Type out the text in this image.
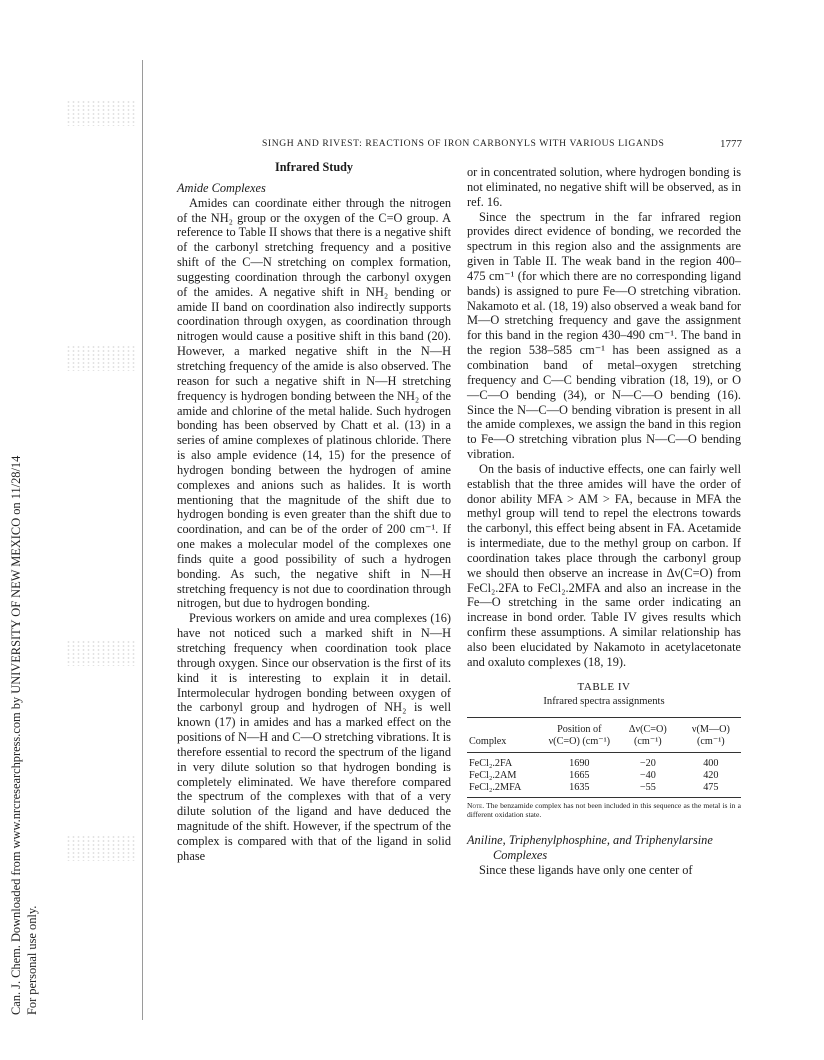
Can. J. Chem. Downloaded from www.nrcresearchpress.com by UNIVERSITY OF NEW MEXICO on 11/28/14 For personal use only.
SINGH AND RIVEST: REACTIONS OF IRON CARBONYLS WITH VARIOUS LIGANDS	1777
Infrared Study

Amide Complexes

Amides can coordinate either through the nitrogen of the NH₂ group or the oxygen of the C=O group. A reference to Table II shows that there is a negative shift of the carbonyl stretching frequency and a positive shift of the C—N stretching on complex formation, suggesting coordination through the carbonyl oxygen of the amides. A negative shift in NH₂ bending or amide II band on coordination also indirectly supports coordination through oxygen, as coordination through nitrogen would cause a positive shift in this band (20). However, a marked negative shift in the N—H stretching frequency of the amide is also observed. The reason for such a negative shift in N—H stretching frequency is hydrogen bonding between the NH₂ of the amide and chlorine of the metal halide. Such hydrogen bonding has been observed by Chatt et al. (13) in a series of amine complexes of platinous chloride. There is also ample evidence (14, 15) for the presence of hydrogen bonding between the hydrogen of amine complexes and anions such as halides. It is worth mentioning that the magnitude of the shift due to hydrogen bonding is even greater than the shift due to coordination, and can be of the order of 200 cm⁻¹. If one makes a molecular model of the complexes one finds quite a good possibility of such a hydrogen bonding. As such, the negative shift in N—H stretching frequency is not due to coordination through nitrogen, but due to hydrogen bonding.

Previous workers on amide and urea complexes (16) have not noticed such a marked shift in N—H stretching frequency when coordination took place through oxygen. Since our observation is the first of its kind it is interesting to explain it in detail. Intermolecular hydrogen bonding between oxygen of the carbonyl group and hydrogen of NH₂ is well known (17) in amides and has a marked effect on the positions of N—H and C—O stretching vibrations. It is therefore essential to record the spectrum of the ligand in very dilute solution so that hydrogen bonding is completely eliminated. We have therefore compared the spectrum of the complexes with that of a very dilute solution of the ligand and have deduced the magnitude of the shift. However, if the spectrum of the complex is compared with that of the ligand in solid phase

or in concentrated solution, where hydrogen bonding is not eliminated, no negative shift will be observed, as in ref. 16.

Since the spectrum in the far infrared region provides direct evidence of bonding, we recorded the spectrum in this region also and the assignments are given in Table II. The weak band in the region 400–475 cm⁻¹ (for which there are no corresponding ligand bands) is assigned to pure Fe—O stretching vibration. Nakamoto et al. (18, 19) also observed a weak band for M—O stretching frequency and gave the assignment for this band in the region 430–490 cm⁻¹. The band in the region 538–585 cm⁻¹ has been assigned as a combination band of metal–oxygen stretching frequency and C—C bending vibration (18, 19), or O—C—O bending (34), or N—C—O bending (16). Since the N—C—O bending vibration is present in all the amide complexes, we assign the band in this region to Fe—O stretching vibration plus N—C—O bending vibration.

On the basis of inductive effects, one can fairly well establish that the three amides will have the order of donor ability MFA > AM > FA, because in MFA the methyl group will tend to repel the electrons towards the carbonyl, this effect being absent in FA. Acetamide is intermediate, due to the methyl group on carbon. If coordination takes place through the carbonyl group we should then observe an increase in Δν(C=O) from FeCl₂.2FA to FeCl₂.2MFA and also an increase in the Fe—O stretching in the same order indicating an increase in bond order. Table IV gives results which confirm these assumptions. A similar relationship has also been elucidated by Nakamoto in acetylacetonate and oxaluto complexes (18, 19).

TABLE IV
Infrared spectra assignments

Complex	Position of ν(C=O) (cm⁻¹)	Δν(C=O) (cm⁻¹)	ν(M—O) (cm⁻¹)

FeCl₂.2FA	1690	−20	400
FeCl₂.2AM	1665	−40	420
FeCl₂.2MFA	1635	−55	475
Note. The benzamide complex has not been included in this sequence as the metal is in a different oxidation state.

Aniline, Triphenylphosphine, and Triphenylarsine
Complexes

Since these ligands have only one center of
